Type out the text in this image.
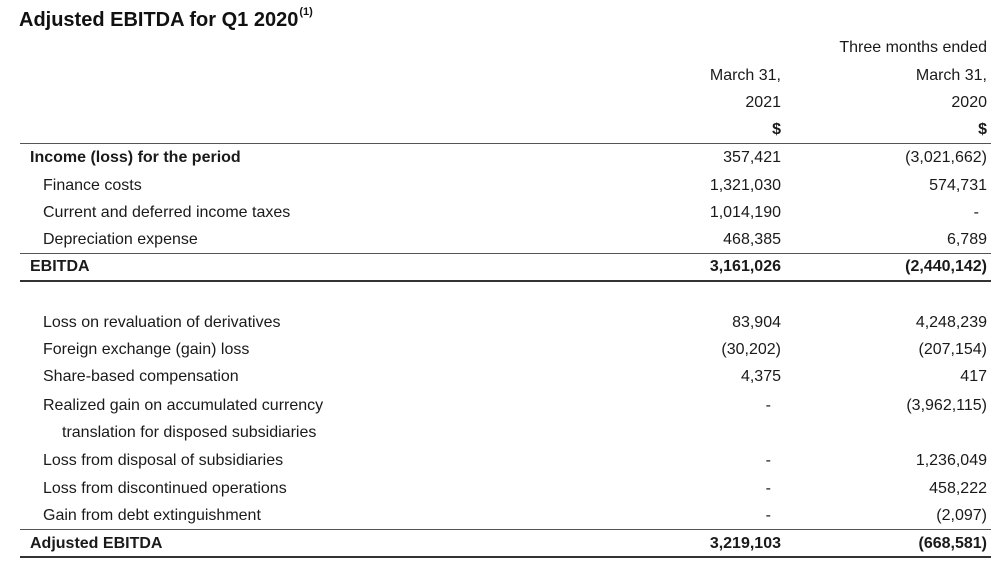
Adjusted EBITDA for Q1 2020$^{(1)}$
Three months ended
March 31,	March 31,
2021	2020
$	$
Income (loss) for the period	357,421	(3,021,662)
Finance costs	1,321,030	574,731
Current and deferred income taxes	1,014,190	-
Depreciation expense	468,385	6,789
EBITDA	3,161,026	(2,440,142)
Loss on revaluation of derivatives	83,904	4,248,239
Foreign exchange (gain) loss	(30,202)	(207,154)
Share-based compensation	4,375	417
Realized gain on accumulated currency	-	(3,962,115)
translation for disposed subsidiaries
Loss from disposal of subsidiaries	-	1,236,049
Loss from discontinued operations	-	458,222
Gain from debt extinguishment	-	(2,097)
Adjusted EBITDA	3,219,103	(668,581)
